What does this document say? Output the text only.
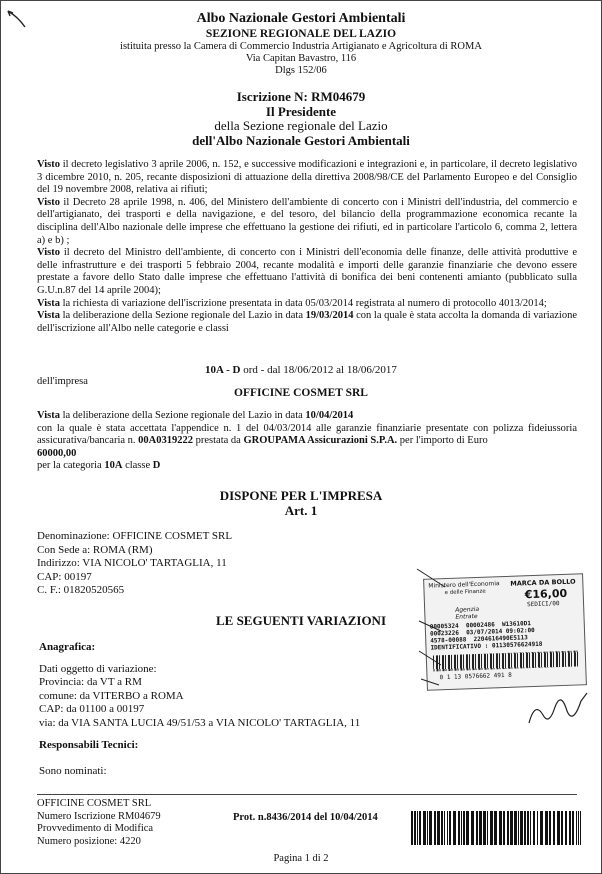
Albo Nazionale Gestori Ambientali
SEZIONE REGIONALE DEL LAZIO
istituita presso la Camera di Commercio Industria Artigianato e Agricoltura di ROMA
Via Capitan Bavastro, 116
Dlgs 152/06
Iscrizione N: RM04679
Il Presidente
della Sezione regionale del Lazio
dell'Albo Nazionale Gestori Ambientali
Visto il decreto legislativo 3 aprile 2006, n. 152, e successive modificazioni e integrazioni e, in particolare, il decreto legislativo 3 dicembre 2010, n. 205, recante disposizioni di attuazione della direttiva 2008/98/CE del Parlamento Europeo e del Consiglio del 19 novembre 2008, relativa ai rifiuti;
Visto il Decreto 28 aprile 1998, n. 406, del Ministero dell'ambiente di concerto con i Ministri dell'industria, del commercio e dell'artigianato, dei trasporti e della navigazione, e del tesoro, del bilancio della programmazione economica recante la disciplina dell'Albo nazionale delle imprese che effettuano la gestione dei rifiuti, ed in particolare l'articolo 6, comma 2, lettera a) e b) ;
Visto il decreto del Ministro dell'ambiente, di concerto con i Ministri dell'economia delle finanze, delle attività produttive e delle infrastrutture e dei trasporti 5 febbraio 2004, recante modalità e importi delle garanzie finanziarie che devono essere prestate a favore dello Stato dalle imprese che effettuano l'attività di bonifica dei beni contenenti amianto (pubblicato sulla G.U.n.87 del 14 aprile 2004);
Vista la richiesta di variazione dell'iscrizione presentata in data 05/03/2014 registrata al numero di protocollo 4013/2014;
Vista la deliberazione della Sezione regionale del Lazio in data 19/03/2014 con la quale è stata accolta la domanda di variazione dell'iscrizione all'Albo nelle categorie e classi
10A - D ord - dal 18/06/2012 al 18/06/2017
dell'impresa
OFFICINE COSMET SRL
Vista la deliberazione della Sezione regionale del Lazio in data 10/04/2014
con la quale è stata accettata l'appendice n. 1 del 04/03/2014 alle garanzie finanziarie presentate con polizza fideiussoria assicurativa/bancaria n. 00A0319222 prestata da GROUPAMA Assicurazioni S.P.A. per l'importo di Euro
60000,00
per la categoria 10A classe D
DISPONE PER L'IMPRESA
Art. 1
Denominazione: OFFICINE COSMET SRL
Con Sede a: ROMA (RM)
Indirizzo: VIA NICOLO' TARTAGLIA, 11
CAP: 00197
C. F.: 01820520565
LE SEGUENTI VARIAZIONI
Anagrafica:
Dati oggetto di variazione:
Provincia: da VT a RM
comune: da VITERBO a ROMA
CAP: da 01100 a 00197
via: da VIA SANTA LUCIA 49/51/53 a VIA NICOLO' TARTAGLIA, 11
Responsabili Tecnici:
Sono nominati:
OFFICINE COSMET SRL
Numero Iscrizione RM04679
Provvedimento di Modifica
Numero posizione: 4220
Prot. n.8436/2014 del 10/04/2014
Pagina 1 di 2
Ministero dell'Economia MARCA DA BOLLO
e delle Finanze	€16,00
SEDICI/00
Agenzia Entrate
00005324 00002486 W13610D1
00023226 03/07/2014 09:02:00
4578-00088 2204616490E5113
IDENTIFICATIVO : 01130576624918
0 1 13 0576662 491 8
